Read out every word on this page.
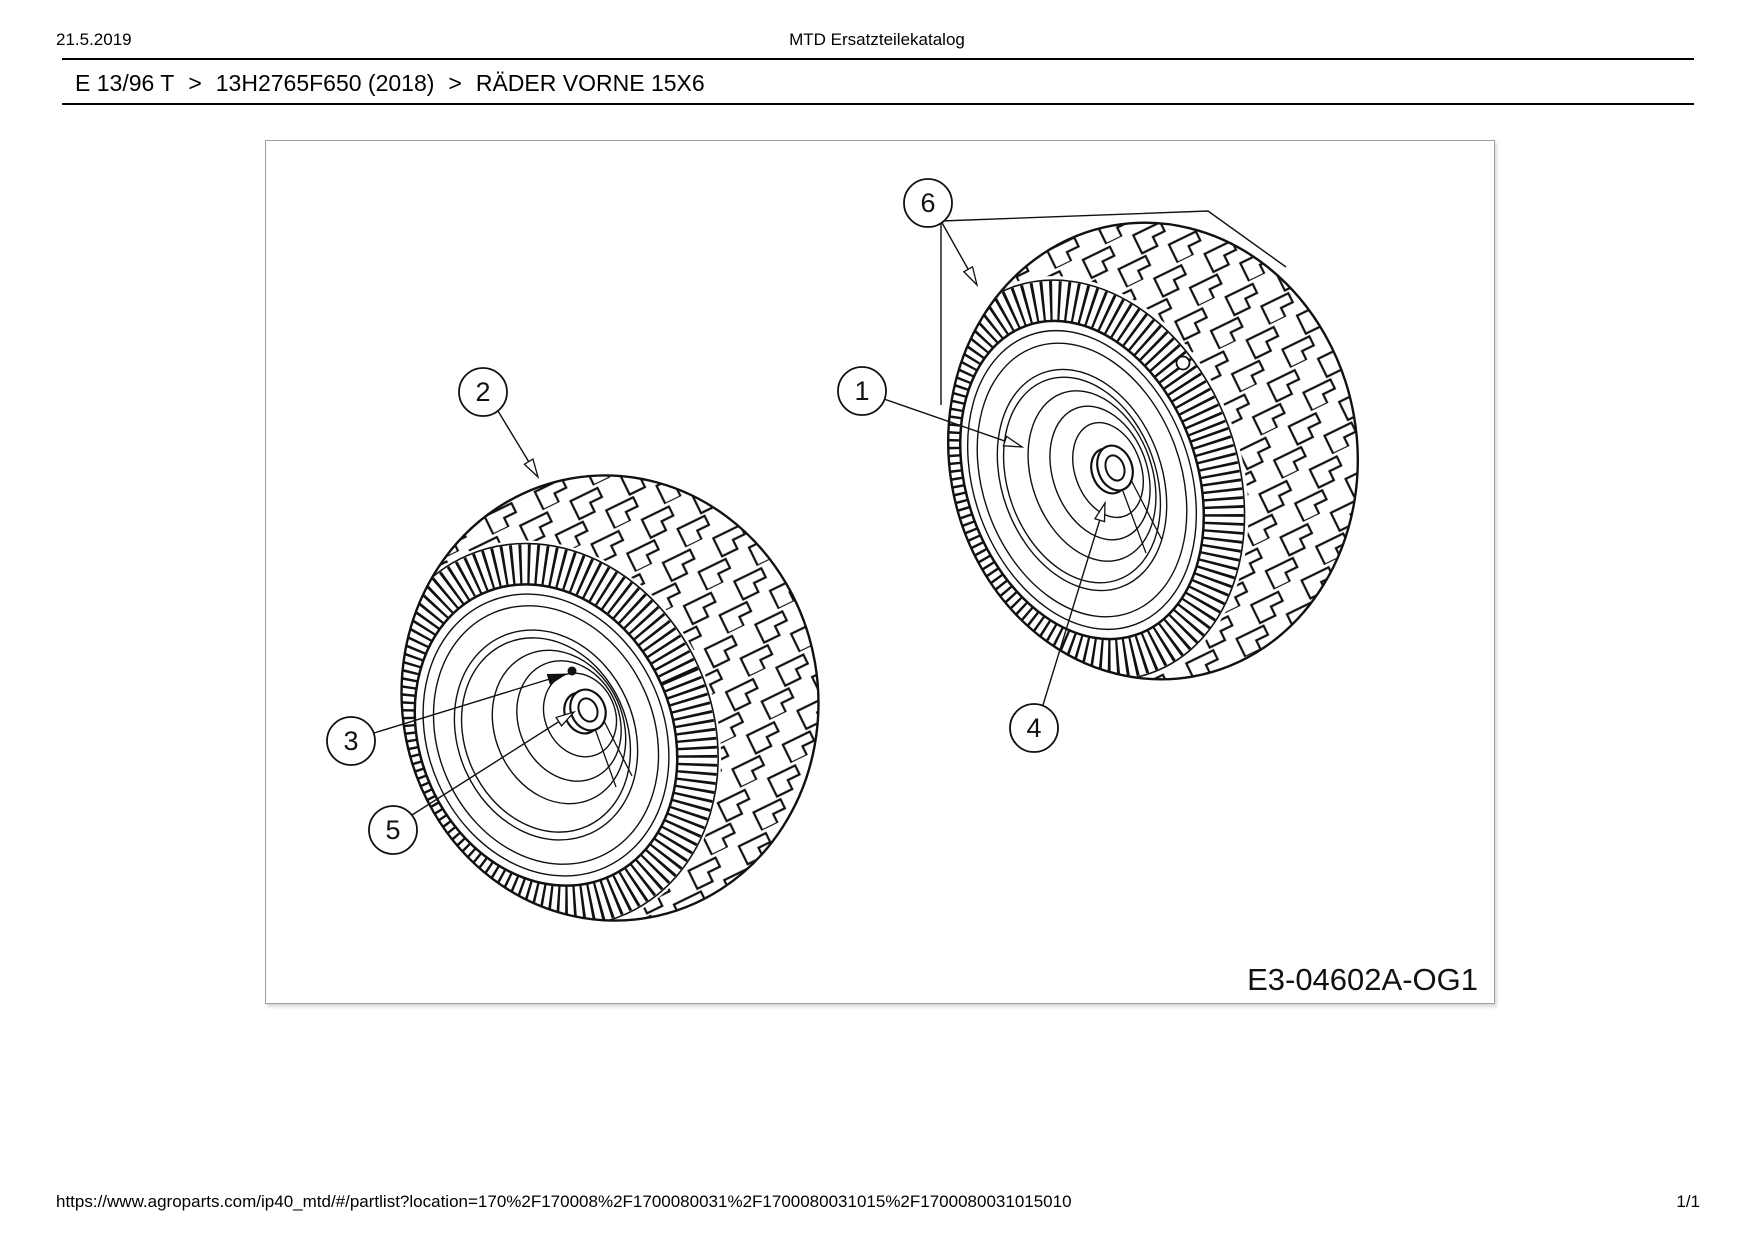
21.5.2019	MTD Ersatzteilekatalog
E 13/96 T > 13H2765F650 (2018) > RÄDER VORNE 15X6
1
2
3	4
5
6
E3-04602A-OG1
https://www.agroparts.com/ip40_mtd/#/partlist?location=170%2F170008%2F1700080031%2F1700080031015%2F1700080031015010	1/1
